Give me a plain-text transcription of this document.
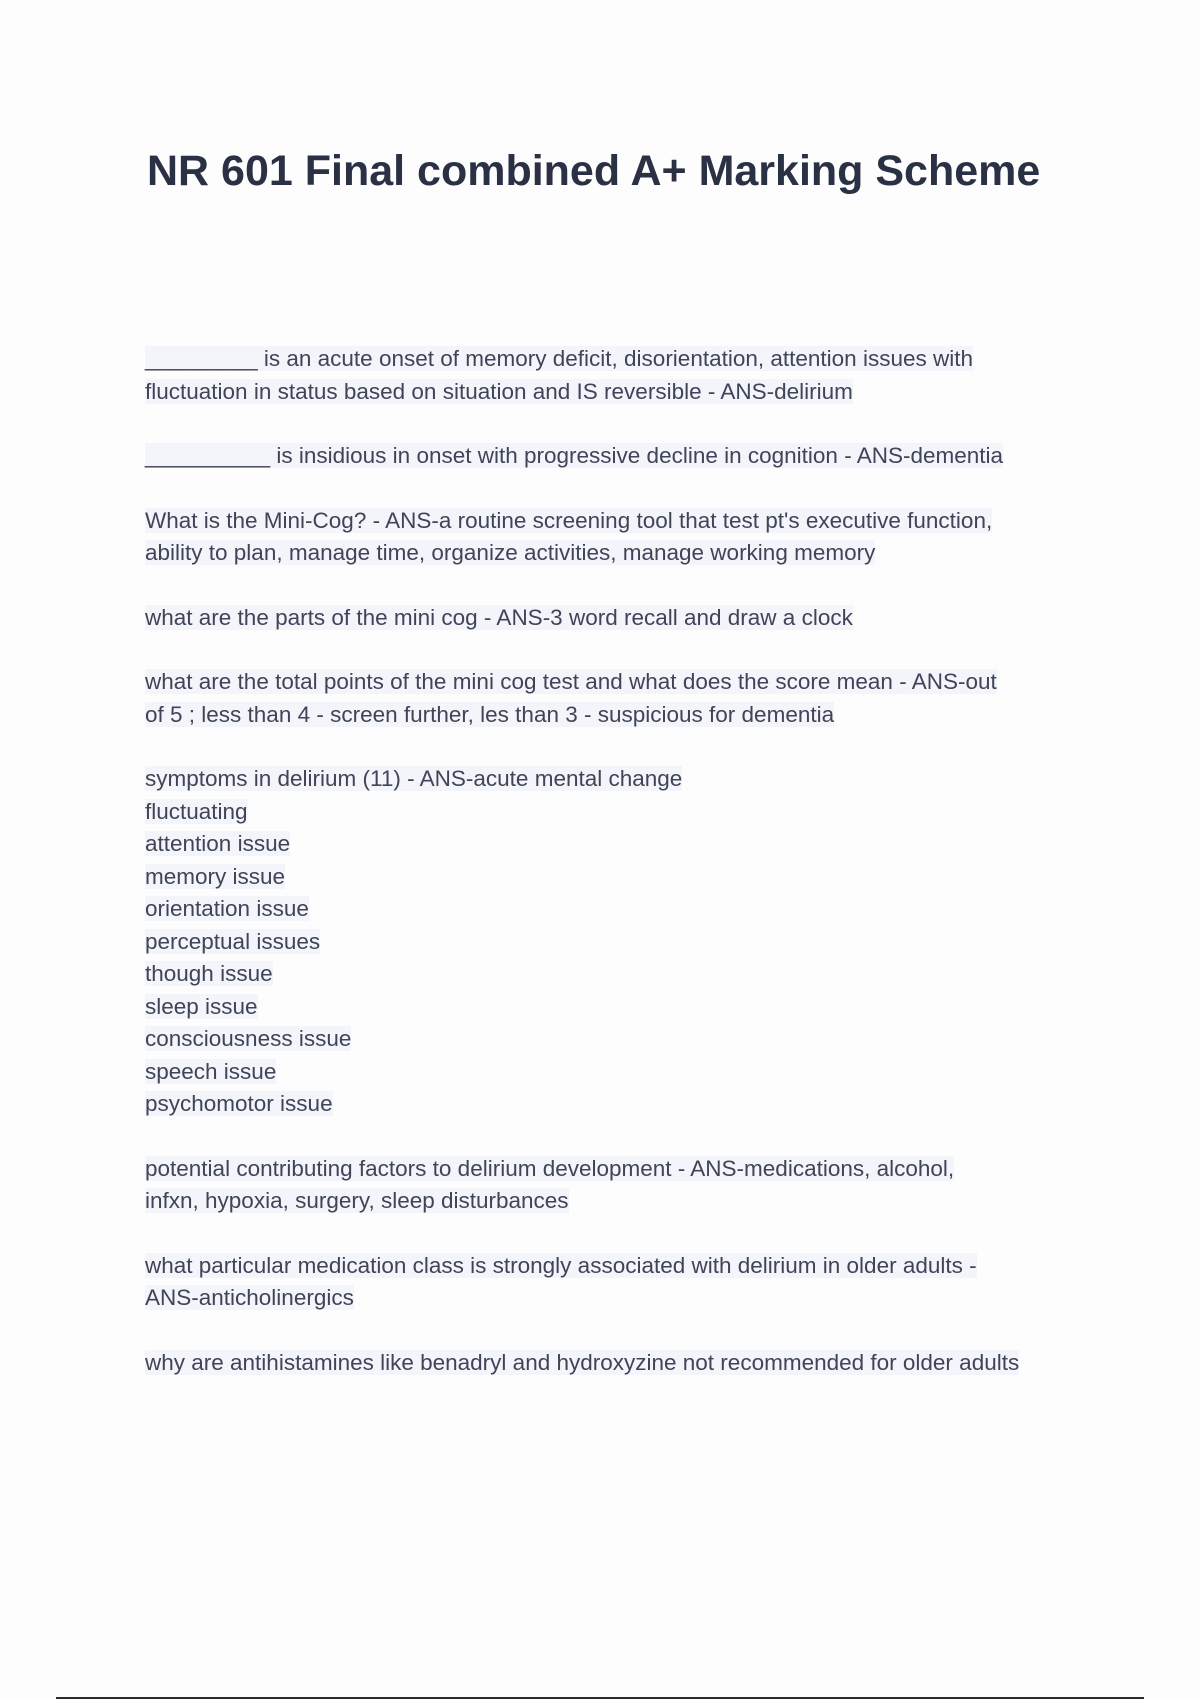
NR 601 Final combined A+ Marking Scheme
_________ is an acute onset of memory deficit, disorientation, attention issues with
fluctuation in status based on situation and IS reversible - ANS-delirium
__________ is insidious in onset with progressive decline in cognition - ANS-dementia
What is the Mini-Cog? - ANS-a routine screening tool that test pt's executive function,
ability to plan, manage time, organize activities, manage working memory
what are the parts of the mini cog - ANS-3 word recall and draw a clock
what are the total points of the mini cog test and what does the score mean - ANS-out
of 5 ; less than 4 - screen further, les than 3 - suspicious for dementia
symptoms in delirium (11) - ANS-acute mental change
fluctuating
attention issue
memory issue
orientation issue
perceptual issues
though issue
sleep issue
consciousness issue
speech issue
psychomotor issue
potential contributing factors to delirium development - ANS-medications, alcohol,
infxn, hypoxia, surgery, sleep disturbances
what particular medication class is strongly associated with delirium in older adults -
ANS-anticholinergics
why are antihistamines like benadryl and hydroxyzine not recommended for older adults
